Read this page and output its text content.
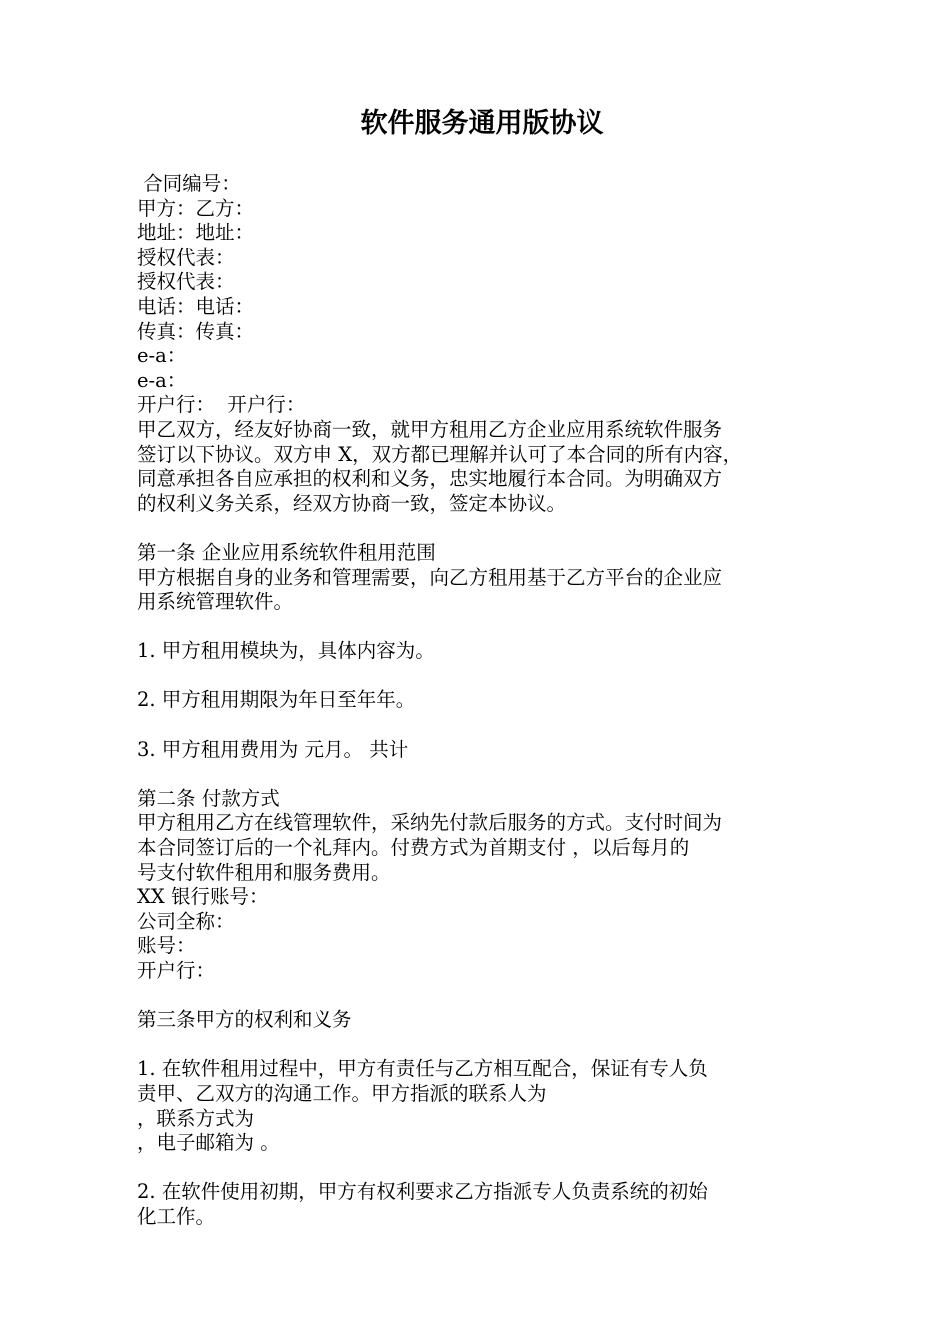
软件服务通用版协议
合同编号：
甲方：乙方：
地址：地址：
授权代表：
授权代表：
电话：电话：
传真：传真：
e-a：
e-a：
开户行：  开户行：
甲乙双方，经友好协商一致，就甲方租用乙方企业应用系统软件服务
签订以下协议。双方申 X，双方都已理解并认可了本合同的所有内容，
同意承担各自应承担的权利和义务，忠实地履行本合同。为明确双方
的权利义务关系，经双方协商一致，签定本协议。
第一条 企业应用系统软件租用范围
甲方根据自身的业务和管理需要，向乙方租用基于乙方平台的企业应
用系统管理软件。
1. 甲方租用模块为，具体内容为。
2. 甲方租用期限为年日至年年。
3. 甲方租用费用为 元月。 共计
第二条 付款方式
甲方租用乙方在线管理软件，采纳先付款后服务的方式。支付时间为
本合同签订后的一个礼拜内。付费方式为首期支付 ，以后每月的
号支付软件租用和服务费用。
XX 银行账号：
公司全称：
账号：
开户行：
第三条甲方的权利和义务
1. 在软件租用过程中，甲方有责任与乙方相互配合，保证有专人负
责甲、乙双方的沟通工作。甲方指派的联系人为
，联系方式为
，电子邮箱为 。
2. 在软件使用初期，甲方有权利要求乙方指派专人负责系统的初始
化工作。
